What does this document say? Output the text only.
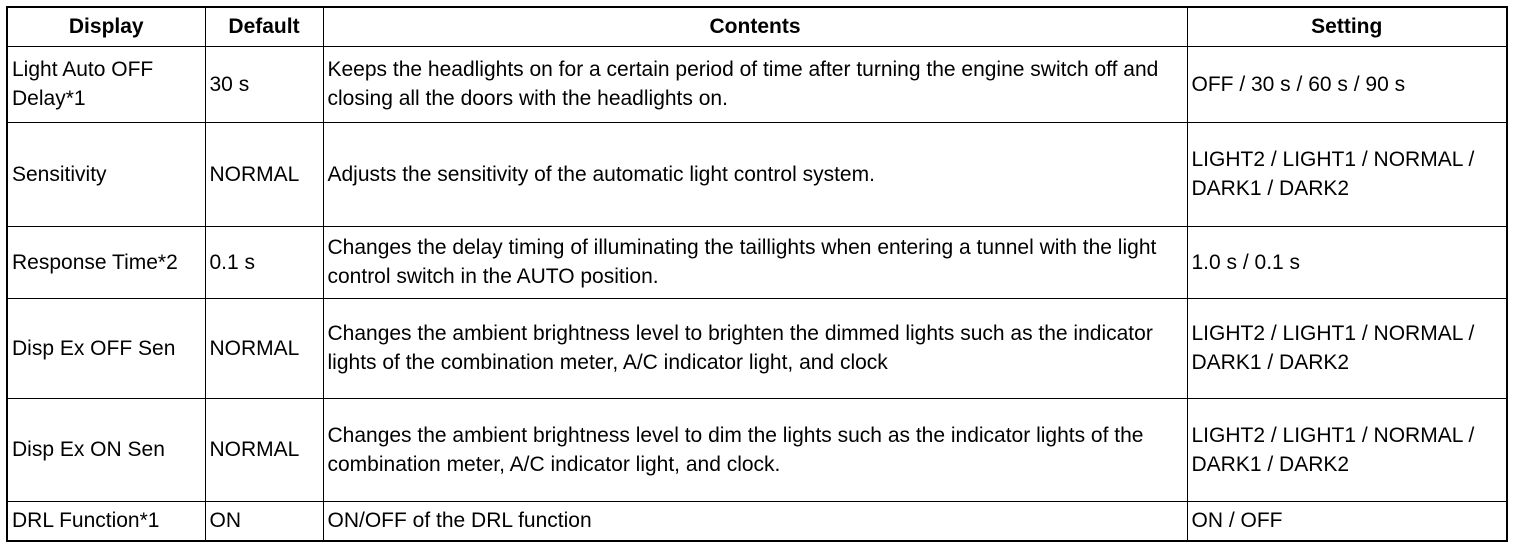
Display	Default	Contents	Setting
Light Auto OFF Delay*1	30 s	Keeps the headlights on for a certain period of time after turning the engine switch off and closing all the doors with the headlights on.	OFF / 30 s / 60 s / 90 s
Sensitivity	NORMAL	Adjusts the sensitivity of the automatic light control system.	LIGHT2 / LIGHT1 / NORMAL / DARK1 / DARK2
Response Time*2	0.1 s	Changes the delay timing of illuminating the taillights when entering a tunnel with the light control switch in the AUTO position.	1.0 s / 0.1 s
Disp Ex OFF Sen	NORMAL	Changes the ambient brightness level to brighten the dimmed lights such as the indicator lights of the combination meter, A/C indicator light, and clock	LIGHT2 / LIGHT1 / NORMAL / DARK1 / DARK2
Disp Ex ON Sen	NORMAL	Changes the ambient brightness level to dim the lights such as the indicator lights of the combination meter, A/C indicator light, and clock.	LIGHT2 / LIGHT1 / NORMAL / DARK1 / DARK2
DRL Function*1	ON	ON/OFF of the DRL function	ON / OFF
